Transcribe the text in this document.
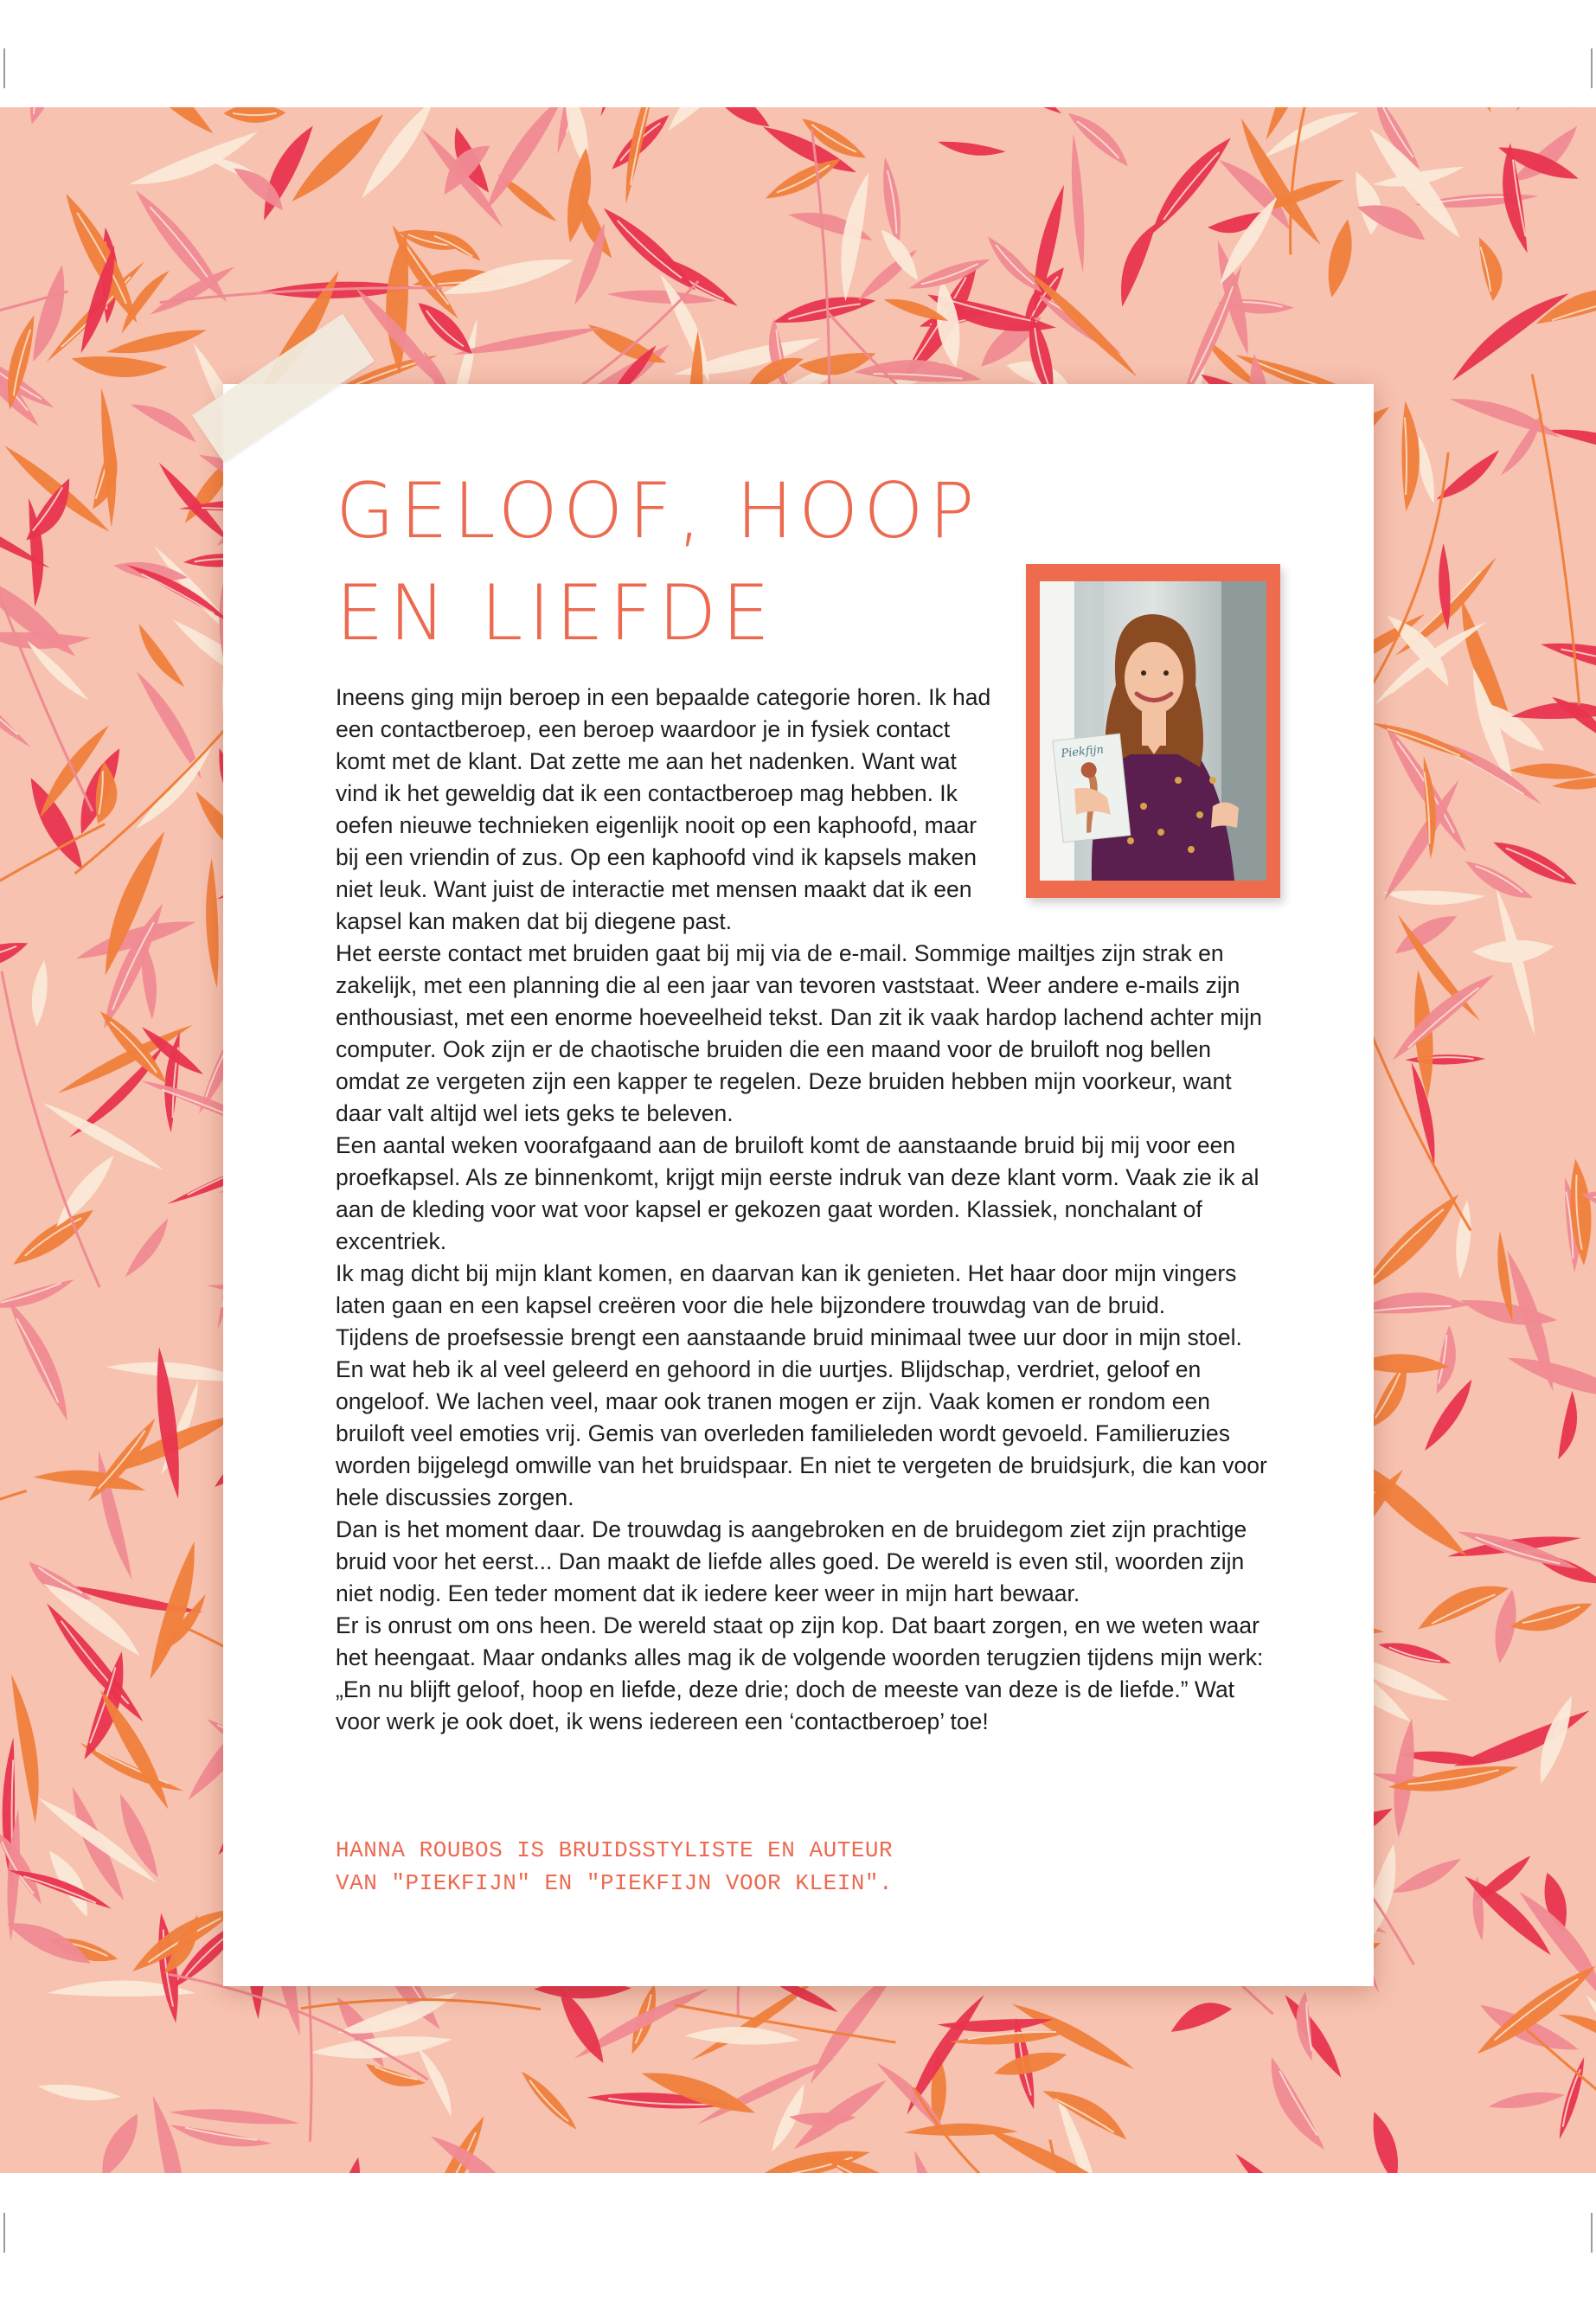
GELOOF, HOOP
EN LIEFDE
Piekfijn

Ineens ging mijn beroep in een bepaalde categorie horen. Ik had een contactberoep, een beroep waardoor je in fysiek contact komt met de klant. Dat zette me aan het nadenken. Want wat vind ik het geweldig dat ik een contactberoep mag hebben. Ik oefen nieuwe technieken eigenlijk nooit op een kaphoofd, maar bij een vriendin of zus. Op een kaphoofd vind ik kapsels maken niet leuk. Want juist de interactie met mensen maakt dat ik een kapsel kan maken dat bij diegene past.

Het eerste contact met bruiden gaat bij mij via de e-mail. Sommige mailtjes zijn strak en zakelijk, met een planning die al een jaar van tevoren vaststaat. Weer andere e-mails zijn enthousiast, met een enorme hoeveelheid tekst. Dan zit ik vaak hardop lachend achter mijn computer. Ook zijn er de chaotische bruiden die een maand voor de bruiloft nog bellen omdat ze vergeten zijn een kapper te regelen. Deze bruiden hebben mijn voorkeur, want daar valt altijd wel iets geks te beleven.

Een aantal weken voorafgaand aan de bruiloft komt de aanstaande bruid bij mij voor een proefkapsel. Als ze binnenkomt, krijgt mijn eerste indruk van deze klant vorm. Vaak zie ik al aan de kleding voor wat voor kapsel er gekozen gaat worden. Klassiek, nonchalant of excentriek.

Ik mag dicht bij mijn klant komen, en daarvan kan ik genieten. Het haar door mijn vingers laten gaan en een kapsel creëren voor die hele bijzondere trouwdag van de bruid.

Tijdens de proefsessie brengt een aanstaande bruid minimaal twee uur door in mijn stoel. En wat heb ik al veel geleerd en gehoord in die uurtjes. Blijdschap, verdriet, geloof en ongeloof. We lachen veel, maar ook tranen mogen er zijn. Vaak komen er rondom een bruiloft veel emoties vrij. Gemis van overleden familieleden wordt gevoeld. Familieruzies worden bijgelegd omwille van het bruidspaar. En niet te vergeten de bruidsjurk, die kan voor hele discussies zorgen.

Dan is het moment daar. De trouwdag is aangebroken en de bruidegom ziet zijn prachtige bruid voor het eerst... Dan maakt de liefde alles goed. De wereld is even stil, woorden zijn niet nodig. Een teder moment dat ik iedere keer weer in mijn hart bewaar.

Er is onrust om ons heen. De wereld staat op zijn kop. Dat baart zorgen, en we weten waar het heengaat. Maar ondanks alles mag ik de volgende woorden terugzien tijdens mijn werk: „En nu blijft geloof, hoop en liefde, deze drie; doch de meeste van deze is de liefde.” Wat voor werk je ook doet, ik wens iedereen een ‘contactberoep’ toe!

HANNA ROUBOS IS BRUIDSSTYLISTE EN AUTEUR
VAN "PIEKFIJN" EN "PIEKFIJN VOOR KLEIN".
